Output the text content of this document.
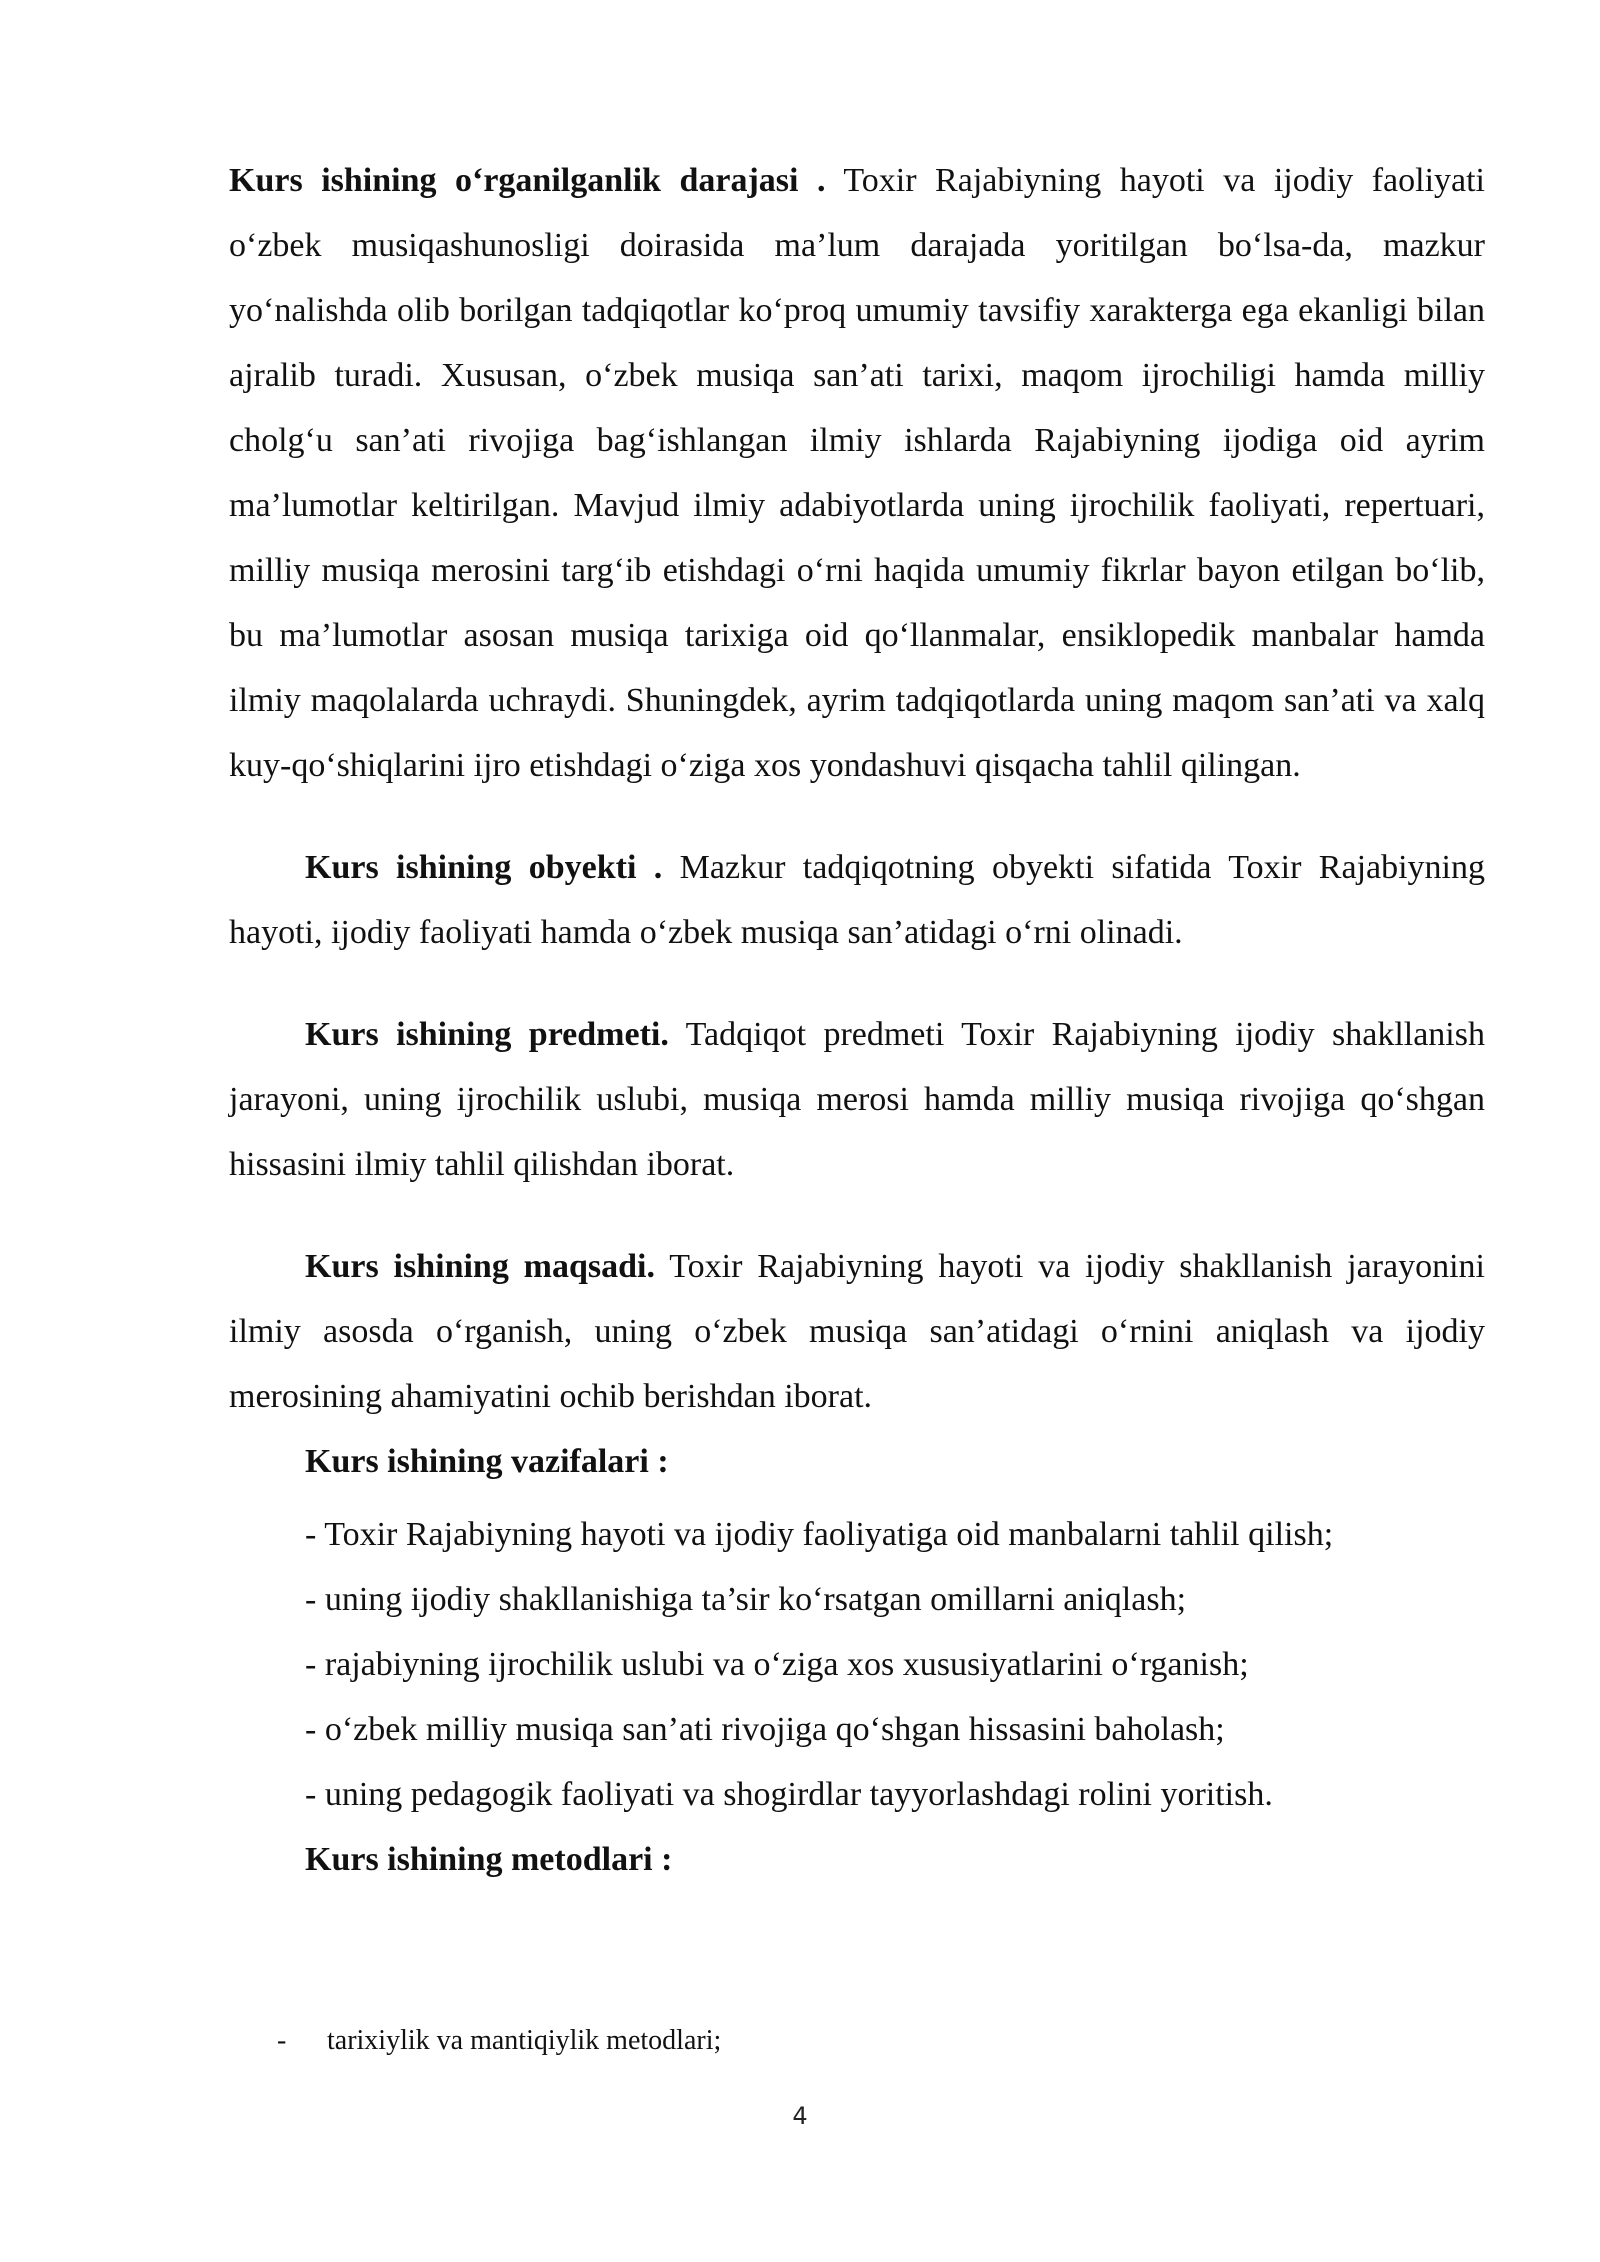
Kurs ishining o‘rganilganlik darajasi . Toxir Rajabiyning hayoti va ijodiy faoliyati o‘zbek musiqashunosligi doirasida ma’lum darajada yoritilgan bo‘lsa-da, mazkur yo‘nalishda olib borilgan tadqiqotlar ko‘proq umumiy tavsifiy xarakterga ega ekanligi bilan ajralib turadi. Xususan, o‘zbek musiqa san’ati tarixi, maqom ijrochiligi hamda milliy cholg‘u san’ati rivojiga bag‘ishlangan ilmiy ishlarda Rajabiyning ijodiga oid ayrim ma’lumotlar keltirilgan. Mavjud ilmiy adabiyotlarda uning ijrochilik faoliyati, repertuari, milliy musiqa merosini targ‘ib etishdagi o‘rni haqida umumiy fikrlar bayon etilgan bo‘lib, bu ma’lumotlar asosan musiqa tarixiga oid qo‘llanmalar, ensiklopedik manbalar hamda ilmiy maqolalarda uchraydi. Shuningdek, ayrim tadqiqotlarda uning maqom san’ati va xalq kuy-qo‘shiqlarini ijro etishdagi o‘ziga xos yondashuvi qisqacha tahlil qilingan.

Kurs ishining obyekti . Mazkur tadqiqotning obyekti sifatida Toxir Rajabiyning hayoti, ijodiy faoliyati hamda o‘zbek musiqa san’atidagi o‘rni olinadi.

Kurs ishining predmeti. Tadqiqot predmeti Toxir Rajabiyning ijodiy shakllanish jarayoni, uning ijrochilik uslubi, musiqa merosi hamda milliy musiqa rivojiga qo‘shgan hissasini ilmiy tahlil qilishdan iborat.

Kurs ishining maqsadi. Toxir Rajabiyning hayoti va ijodiy shakllanish jarayonini ilmiy asosda o‘rganish, uning o‘zbek musiqa san’atidagi o‘rnini aniqlash va ijodiy merosining ahamiyatini ochib berishdan iborat.

Kurs ishining vazifalari :

- Toxir Rajabiyning hayoti va ijodiy faoliyatiga oid manbalarni tahlil qilish;
- uning ijodiy shakllanishiga ta’sir ko‘rsatgan omillarni aniqlash;
- rajabiyning ijrochilik uslubi va o‘ziga xos xususiyatlarini o‘rganish;
- o‘zbek milliy musiqa san’ati rivojiga qo‘shgan hissasini baholash;
- uning pedagogik faoliyati va shogirdlar tayyorlashdagi rolini yoritish.

Kurs ishining metodlari :

- tarixiylik va mantiqiylik metodlari;
4
